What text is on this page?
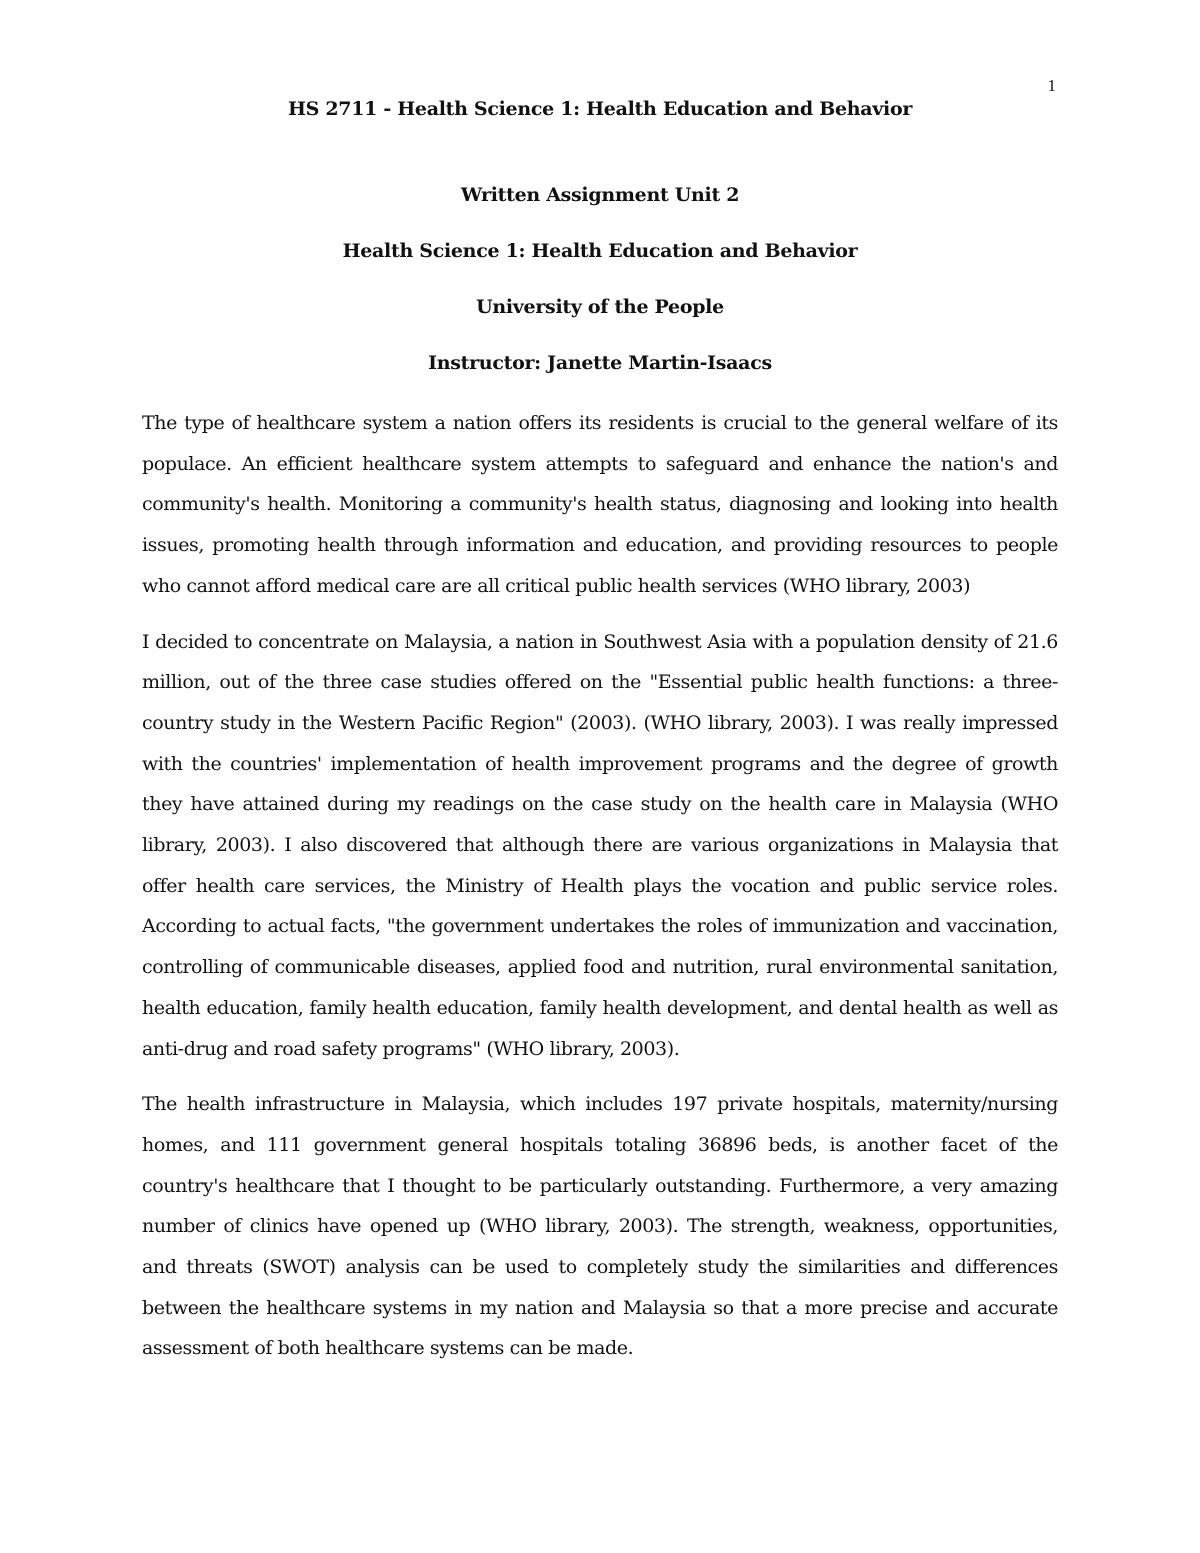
1
HS 2711 - Health Science 1: Health Education and Behavior
Written Assignment Unit 2
Health Science 1: Health Education and Behavior
University of the People
Instructor: Janette Martin-Isaacs

The type of healthcare system a nation offers its residents is crucial to the general welfare of its populace. An efficient healthcare system attempts to safeguard and enhance the nation's and community's health. Monitoring a community's health status, diagnosing and looking into health issues, promoting health through information and education, and providing resources to people who cannot afford medical care are all critical public health services (WHO library, 2003)

I decided to concentrate on Malaysia, a nation in Southwest Asia with a population density of 21.6 million, out of the three case studies offered on the "Essential public health functions: a three- country study in the Western Pacific Region" (2003). (WHO library, 2003). I was really impressed with the countries' implementation of health improvement programs and the degree of growth they have attained during my readings on the case study on the health care in Malaysia (WHO library, 2003). I also discovered that although there are various organizations in Malaysia that offer health care services, the Ministry of Health plays the vocation and public service roles. According to actual facts, "the government undertakes the roles of immunization and vaccination, controlling of communicable diseases, applied food and nutrition, rural environmental sanitation, health education, family health education, family health development, and dental health as well as anti-drug and road safety programs" (WHO library, 2003).

The health infrastructure in Malaysia, which includes 197 private hospitals, maternity/nursing homes, and 111 government general hospitals totaling 36896 beds, is another facet of the country's healthcare that I thought to be particularly outstanding. Furthermore, a very amazing number of clinics have opened up (WHO library, 2003). The strength, weakness, opportunities, and threats (SWOT) analysis can be used to completely study the similarities and differences between the healthcare systems in my nation and Malaysia so that a more precise and accurate assessment of both healthcare systems can be made.
